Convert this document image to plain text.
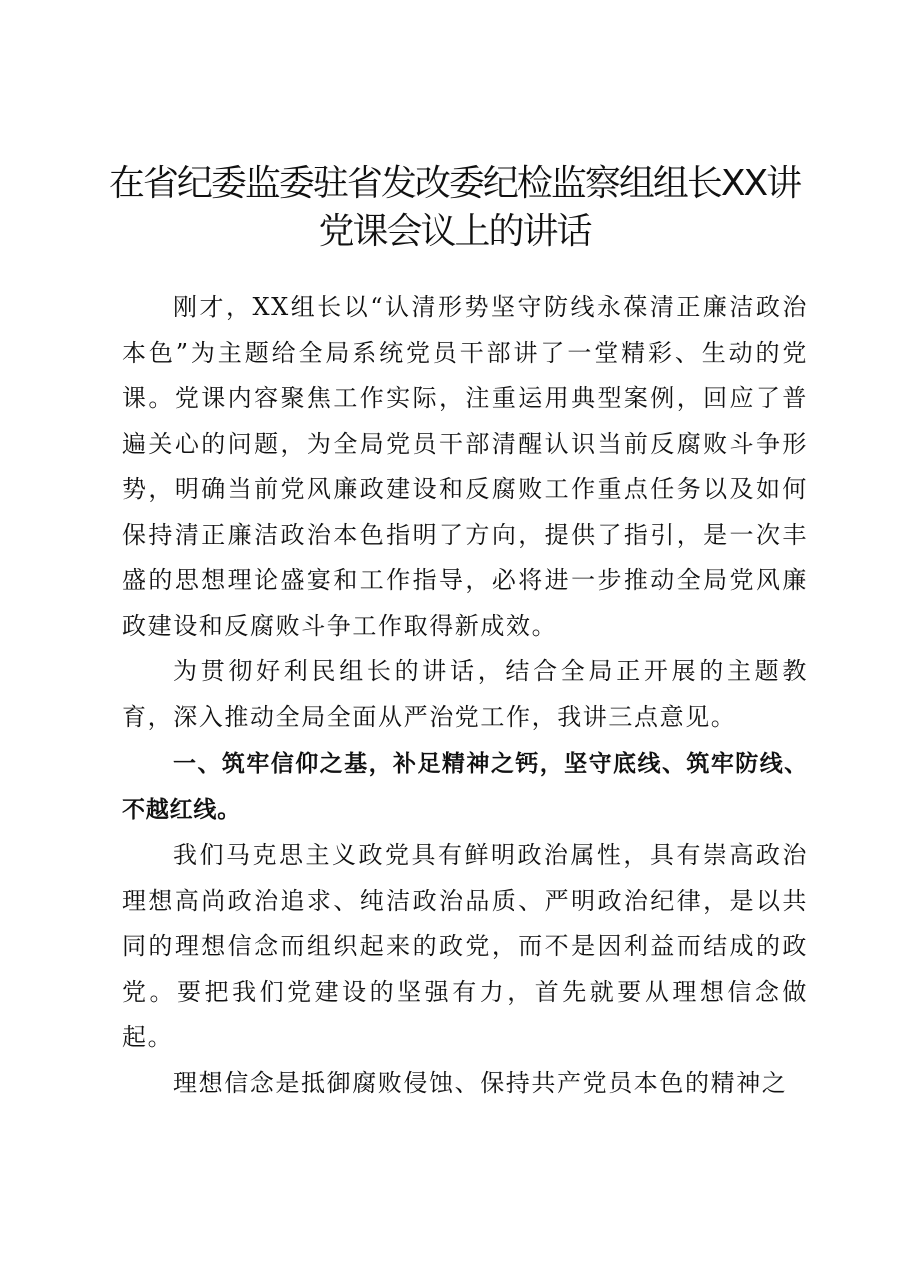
在省纪委监委驻省发改委纪检监察组组长XX讲
党课会议上的讲话

刚才，XX组长以“认清形势坚守防线永葆清正廉洁政治本色”为主题给全局系统党员干部讲了一堂精彩、生动的党课。党课内容聚焦工作实际，注重运用典型案例，回应了普遍关心的问题，为全局党员干部清醒认识当前反腐败斗争形势，明确当前党风廉政建设和反腐败工作重点任务以及如何保持清正廉洁政治本色指明了方向，提供了指引，是一次丰盛的思想理论盛宴和工作指导，必将进一步推动全局党风廉政建设和反腐败斗争工作取得新成效。

为贯彻好利民组长的讲话，结合全局正开展的主题教育，深入推动全局全面从严治党工作，我讲三点意见。

一、筑牢信仰之基，补足精神之钙，坚守底线、筑牢防线、不越红线。

我们马克思主义政党具有鲜明政治属性，具有崇高政治理想高尚政治追求、纯洁政治品质、严明政治纪律，是以共同的理想信念而组织起来的政党，而不是因利益而结成的政党。要把我们党建设的坚强有力，首先就要从理想信念做起。

理想信念是抵御腐败侵蚀、保持共产党员本色的精神之
